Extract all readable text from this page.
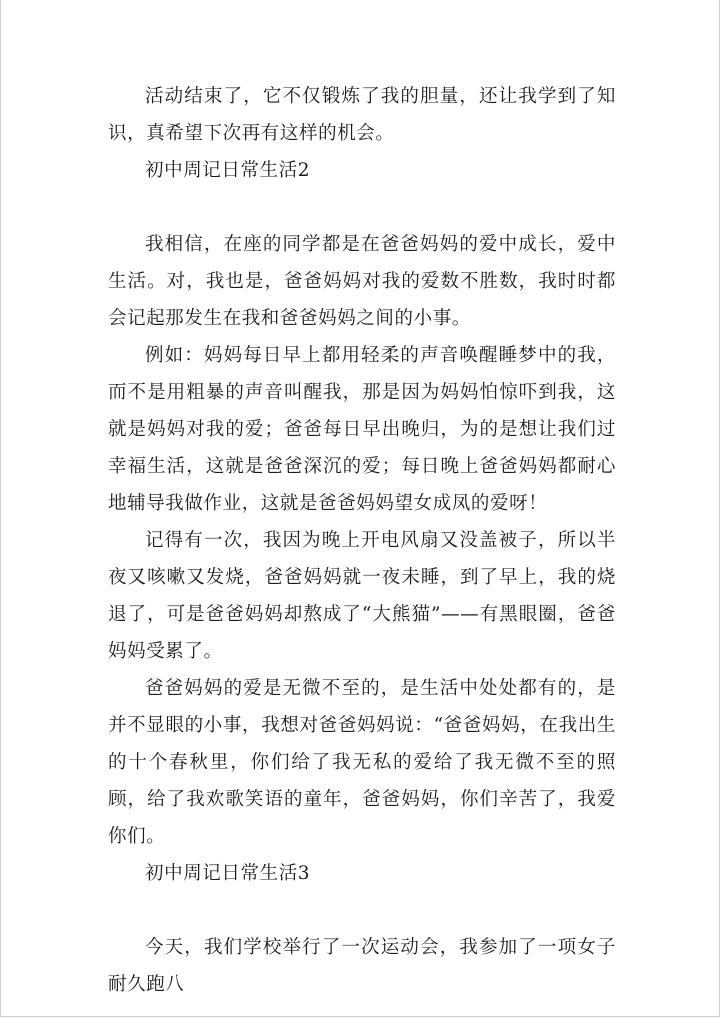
活动结束了，它不仅锻炼了我的胆量，还让我学到了知识，真希望下次再有这样的机会。

初中周记日常生活2

我相信，在座的同学都是在爸爸妈妈的爱中成长，爱中生活。对，我也是，爸爸妈妈对我的爱数不胜数，我时时都会记起那发生在我和爸爸妈妈之间的小事。

例如：妈妈每日早上都用轻柔的声音唤醒睡梦中的我，而不是用粗暴的声音叫醒我，那是因为妈妈怕惊吓到我，这就是妈妈对我的爱；爸爸每日早出晚归，为的是想让我们过幸福生活，这就是爸爸深沉的爱；每日晚上爸爸妈妈都耐心地辅导我做作业，这就是爸爸妈妈望女成凤的爱呀！

记得有一次，我因为晚上开电风扇又没盖被子，所以半夜又咳嗽又发烧，爸爸妈妈就一夜未睡，到了早上，我的烧退了，可是爸爸妈妈却熬成了“大熊猫”——有黑眼圈，爸爸妈妈受累了。

爸爸妈妈的爱是无微不至的，是生活中处处都有的，是并不显眼的小事，我想对爸爸妈妈说：“爸爸妈妈，在我出生的十个春秋里，你们给了我无私的爱给了我无微不至的照顾，给了我欢歌笑语的童年，爸爸妈妈，你们辛苦了，我爱你们。

初中周记日常生活3

今天，我们学校举行了一次运动会，我参加了一项女子耐久跑八
